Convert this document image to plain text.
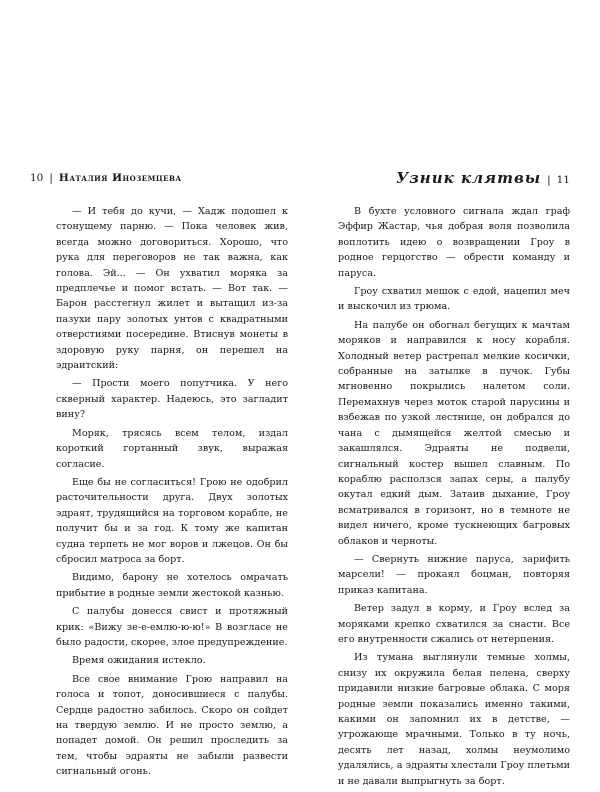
10 | Наталия Иноземцева	Узник клятвы | 11

— И тебя до кучи, — Хадж подошел к стонущему парню. — Пока человек жив, всегда можно договориться. Хорошо, что рука для переговоров не так важна, как голова. Эй... — Он ухватил моряка за предплечье и помог встать. — Вот так. — Барон расстегнул жилет и вытащил из-за пазухи пару золотых унтов с квадратными отверстиями посередине. Втиснув монеты в здоровую руку парня, он перешел на эдраитский:

— Прости моего попутчика. У него скверный характер. Надеюсь, это загладит вину?

Моряк, трясясь всем телом, издал короткий гортанный звук, выражая согласие.

Еще бы не согласиться! Грою не одобрил расточительности друга. Двух золотых эдраят, трудящийся на торговом корабле, не получит бы и за год. К тому же капитан судна терпеть не мог воров и лжецов. Он бы сбросил матроса за борт.

Видимо, барону не хотелось омрачать прибытие в родные земли жестокой казнью.

С палубы донесся свист и протяжный крик: «Вижу зе-е-емлю-ю-ю!» В возгласе не было радости, скорее, злое предупреждение.

Время ожидания истекло.

Все свое внимание Грою направил на голоса и топот, доносившиеся с палубы. Сердце радостно забилось. Скоро он сойдет на твердую землю. И не просто землю, а попадет домой. Он решил проследить за тем, чтобы эдраяты не забыли развести сигнальный огонь.

В бухте условного сигнала ждал граф Эффир Жастар, чья добрая воля позволила воплотить идею о возвращении Гроу в родное герцогство — обрести команду и паруса.

Гроу схватил мешок с едой, нацепил меч и выскочил из трюма.

На палубе он обогнал бегущих к мачтам моряков и направился к носу корабля. Холодный ветер растрепал мелкие косички, собранные на затылке в пучок. Губы мгновенно покрылись налетом соли. Перемахнув через моток старой парусины и взбежав по узкой лестнице, он добрался до чана с дымящейся желтой смесью и закашлялся. Эдраяты не подвели, сигнальный костер вышел славным. По кораблю расползся запах серы, а палубу окутал едкий дым. Затаив дыхание, Гроу всматривался в горизонт, но в темноте не видел ничего, кроме тускнеющих багровых облаков и черноты.

— Свернуть нижние паруса, зарифить марсели! — прокаял боцман, повторяя приказ капитана.

Ветер задул в корму, и Гроу вслед за моряками крепко схватился за снасти. Все его внутренности сжались от нетерпения.

Из тумана выглянули темные холмы, снизу их окружила белая пелена, сверху придавили низкие багровые облака. С моря родные земли показались именно такими, какими он запомнил их в детстве, — угрожающе мрачными. Только в ту ночь, десять лет назад, холмы неумолимо удалялись, а эдраяты хлестали Гроу плетьми и не давали выпрыгнуть за борт.
